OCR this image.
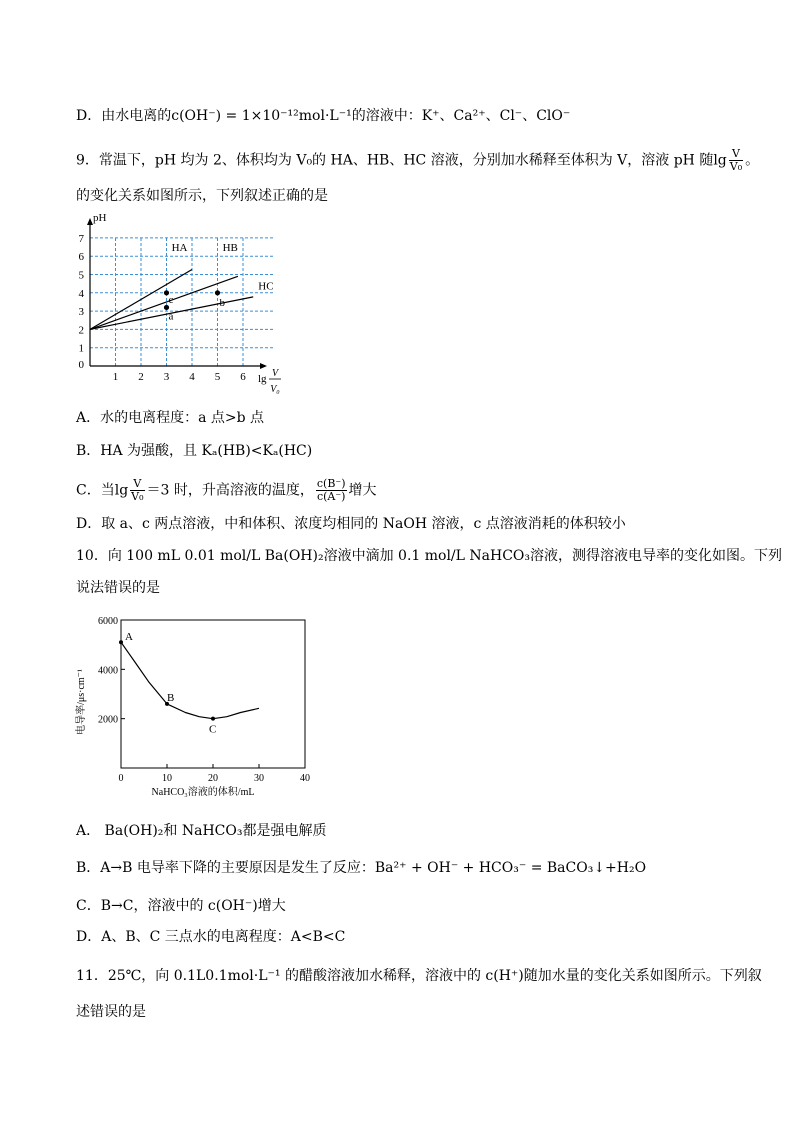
D．由水电离的c(OH⁻) = 1×10⁻¹²mol·L⁻¹的溶液中：K⁺、Ca²⁺、Cl⁻、ClO⁻
9．常温下，pH 均为 2、体积均为 V₀的 HA、HB、HC 溶液，分别加水稀释至体积为 V，溶液 pH 随$\lg \frac{V}{\text{V₀}}$ 。
的变化关系如图所示，下列叙述正确的是
1 2 3 4 5 6
0
1
2
3
4
5
6
7
pH
lg V
V₀
HA	HB
HC
c
a
b
A．水的电离程度：a 点>b 点
B．HA 为强酸，且 Kₐ(HB)<Kₐ(HC)
C．当$\lg \frac{V}{\text{V₀}} =3$ 时，升高溶液的温度， $\frac{c(B^-)}{c(A^-)}$ 增大
D．取 a、c 两点溶液，中和体积、浓度均相同的 NaOH 溶液，c 点溶液消耗的体积较小
10．向 100 mL 0.01 mol/L Ba(OH)₂溶液中滴加 0.1 mol/L NaHCO₃溶液，测得溶液电导率的变化如图。下列
说法错误的是
0	10	20	30	40
2000
4000
6000
NaHCO₃溶液的体积/mL
电导率/μs·cm⁻¹
A
B
C
A． Ba(OH)₂和 NaHCO₃都是强电解质
B．A→B 电导率下降的主要原因是发生了反应：Ba²⁺ + OH⁻ + HCO₃⁻ = BaCO₃↓+H₂O
C．B→C，溶液中的 c(OH⁻)增大
D．A、B、C 三点水的电离程度：A<B<C
11．25℃，向 0.1L0.1mol·L⁻¹ 的醋酸溶液加水稀释，溶液中的 c(H⁺)随加水量的变化关系如图所示。下列叙
述错误的是
